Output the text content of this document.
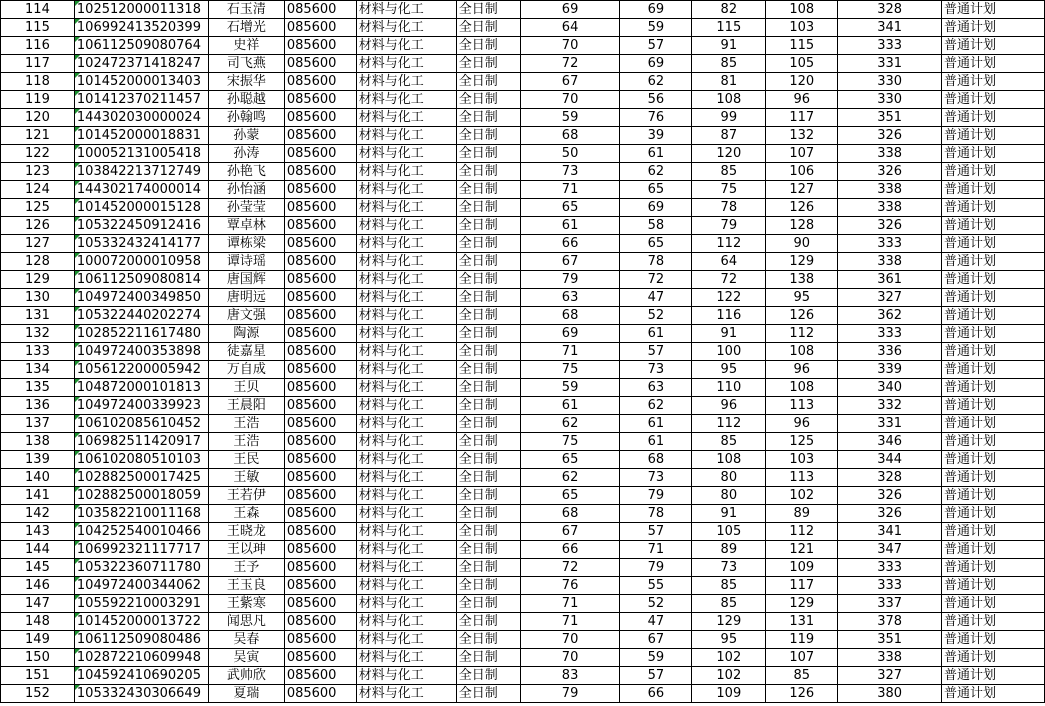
114	102512000011318	石玉清	085600	材料与化工	全日制	69	69	82	108	328	普通计划
115	106992413520399	石增光	085600	材料与化工	全日制	64	59	115	103	341	普通计划
116	106112509080764	史祥	085600	材料与化工	全日制	70	57	91	115	333	普通计划
117	102472371418247	司飞燕	085600	材料与化工	全日制	72	69	85	105	331	普通计划
118	101452000013403	宋振华	085600	材料与化工	全日制	67	62	81	120	330	普通计划
119	101412370211457	孙聪越	085600	材料与化工	全日制	70	56	108	96	330	普通计划
120	144302030000024	孙翰鸣	085600	材料与化工	全日制	59	76	99	117	351	普通计划
121	101452000018831	孙蒙	085600	材料与化工	全日制	68	39	87	132	326	普通计划
122	100052131005418	孙涛	085600	材料与化工	全日制	50	61	120	107	338	普通计划
123	103842213712749	孙艳飞	085600	材料与化工	全日制	73	62	85	106	326	普通计划
124	144302174000014	孙怡涵	085600	材料与化工	全日制	71	65	75	127	338	普通计划
125	101452000015128	孙莹莹	085600	材料与化工	全日制	65	69	78	126	338	普通计划
126	105322450912416	覃卓林	085600	材料与化工	全日制	61	58	79	128	326	普通计划
127	105332432414177	谭栋梁	085600	材料与化工	全日制	66	65	112	90	333	普通计划
128	100072000010958	谭诗瑶	085600	材料与化工	全日制	67	78	64	129	338	普通计划
129	106112509080814	唐国辉	085600	材料与化工	全日制	79	72	72	138	361	普通计划
130	104972400349850	唐明远	085600	材料与化工	全日制	63	47	122	95	327	普通计划
131	105322440202274	唐文强	085600	材料与化工	全日制	68	52	116	126	362	普通计划
132	102852211617480	陶源	085600	材料与化工	全日制	69	61	91	112	333	普通计划
133	104972400353898	徒嘉星	085600	材料与化工	全日制	71	57	100	108	336	普通计划
134	105612200005942	万自成	085600	材料与化工	全日制	75	73	95	96	339	普通计划
135	104872000101813	王贝	085600	材料与化工	全日制	59	63	110	108	340	普通计划
136	104972400339923	王晨阳	085600	材料与化工	全日制	61	62	96	113	332	普通计划
137	106102085610452	王浩	085600	材料与化工	全日制	62	61	112	96	331	普通计划
138	106982511420917	王浩	085600	材料与化工	全日制	75	61	85	125	346	普通计划
139	106102080510103	王民	085600	材料与化工	全日制	65	68	108	103	344	普通计划
140	102882500017425	王敏	085600	材料与化工	全日制	62	73	80	113	328	普通计划
141	102882500018059	王若伊	085600	材料与化工	全日制	65	79	80	102	326	普通计划
142	103582210011168	王森	085600	材料与化工	全日制	68	78	91	89	326	普通计划
143	104252540010466	王晓龙	085600	材料与化工	全日制	67	57	105	112	341	普通计划
144	106992321117717	王以珅	085600	材料与化工	全日制	66	71	89	121	347	普通计划
145	105322360711780	王予	085600	材料与化工	全日制	72	79	73	109	333	普通计划
146	104972400344062	王玉良	085600	材料与化工	全日制	76	55	85	117	333	普通计划
147	105592210003291	王紫寒	085600	材料与化工	全日制	71	52	85	129	337	普通计划
148	101452000013722	闻思凡	085600	材料与化工	全日制	71	47	129	131	378	普通计划
149	106112509080486	吴春	085600	材料与化工	全日制	70	67	95	119	351	普通计划
150	102872210609948	吴寅	085600	材料与化工	全日制	70	59	102	107	338	普通计划
151	104592410690205	武帅欣	085600	材料与化工	全日制	83	57	102	85	327	普通计划
152	105332430306649	夏瑞	085600	材料与化工	全日制	79	66	109	126	380	普通计划
